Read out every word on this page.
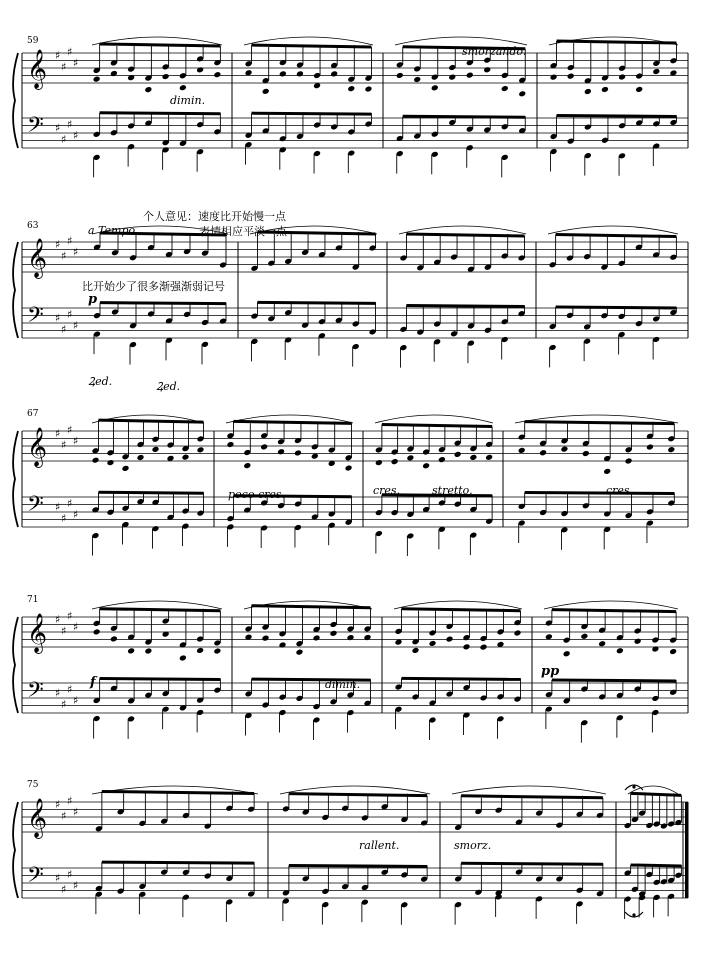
𝄞
𝄢
♯
♯
♯
♯
♯
♯
♯
♯
𝄞
𝄢
♯
♯
♯
♯
♯
♯
♯
♯
𝄞
𝄢
♯
♯
♯
♯
♯
♯
♯
♯
𝄞
𝄢
♯
♯
♯
♯
♯
♯
♯
♯
𝄞
𝄢
♯
♯
♯
♯
♯
♯
♯
♯
59
63
67
71
75
dimin.
smorzando.
a Tempo
个人意见：速度比开始慢一点
表情相应平淡一点
比开始少了很多渐强渐弱记号
p
Ꝝed.	Ꝝed.
poco cres.	cres.	stretto.	cres.
f	dimin.
pp
rallent.	smorz.
